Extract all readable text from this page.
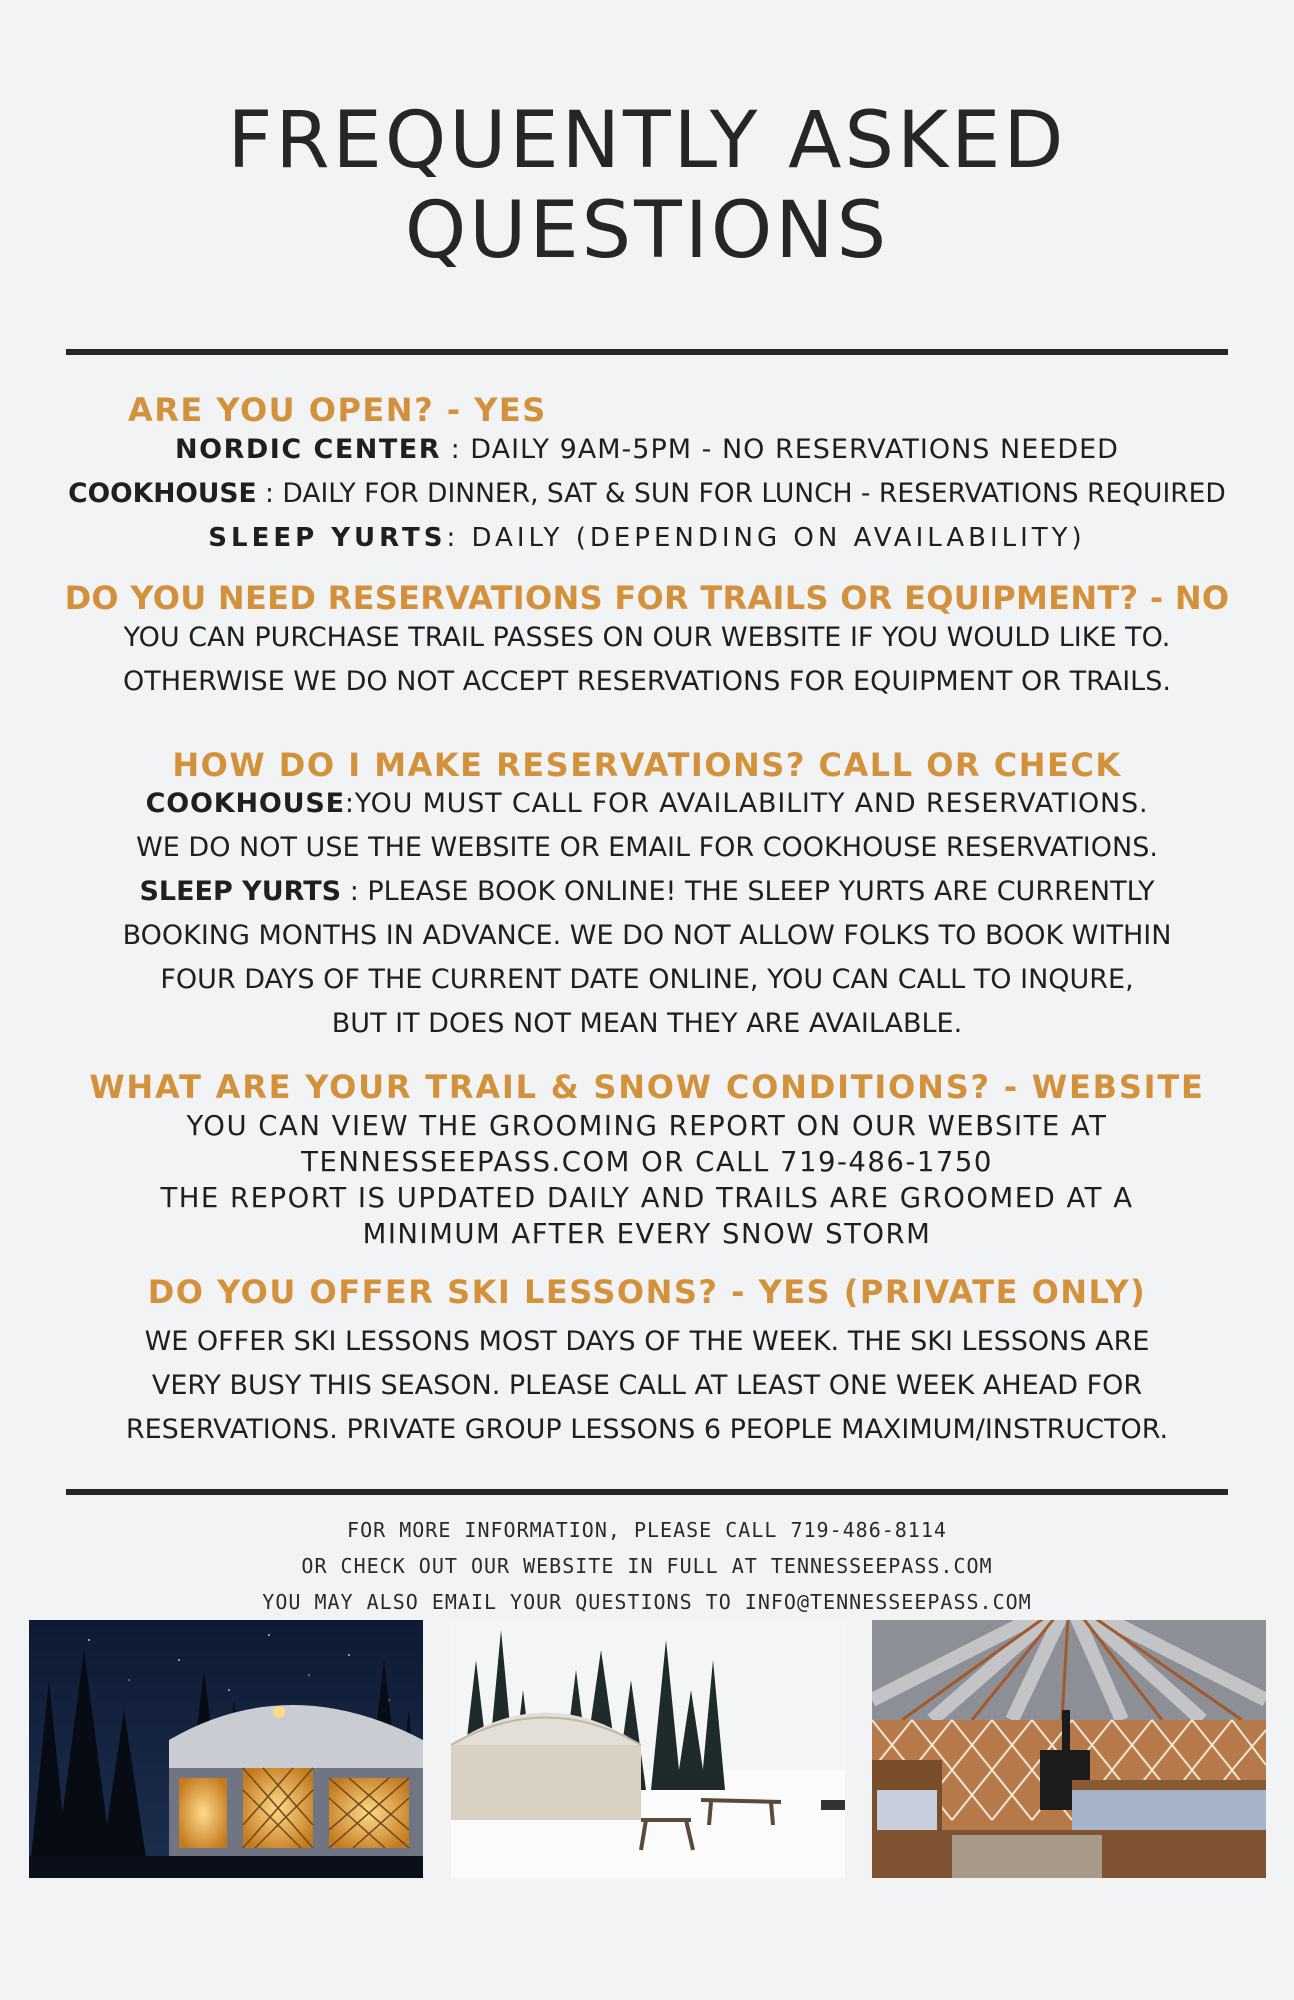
FREQUENTLY ASKED
QUESTIONS
ARE YOU OPEN? - YES
NORDIC CENTER : DAILY 9AM-5PM - NO RESERVATIONS NEEDED
COOKHOUSE : DAILY FOR DINNER, SAT & SUN FOR LUNCH - RESERVATIONS REQUIRED
SLEEP YURTS: DAILY (DEPENDING ON AVAILABILITY)
DO YOU NEED RESERVATIONS FOR TRAILS OR EQUIPMENT? - NO
YOU CAN PURCHASE TRAIL PASSES ON OUR WEBSITE IF YOU WOULD LIKE TO.
OTHERWISE WE DO NOT ACCEPT RESERVATIONS FOR EQUIPMENT OR TRAILS.
HOW DO I MAKE RESERVATIONS? CALL OR CHECK
COOKHOUSE:YOU MUST CALL FOR AVAILABILITY AND RESERVATIONS.
WE DO NOT USE THE WEBSITE OR EMAIL FOR COOKHOUSE RESERVATIONS.
SLEEP YURTS : PLEASE BOOK ONLINE! THE SLEEP YURTS ARE CURRENTLY
BOOKING MONTHS IN ADVANCE. WE DO NOT ALLOW FOLKS TO BOOK WITHIN
FOUR DAYS OF THE CURRENT DATE ONLINE, YOU CAN CALL TO INQURE,
BUT IT DOES NOT MEAN THEY ARE AVAILABLE.
WHAT ARE YOUR TRAIL & SNOW CONDITIONS? - WEBSITE
YOU CAN VIEW THE GROOMING REPORT ON OUR WEBSITE AT
TENNESSEEPASS.COM OR CALL 719-486-1750
THE REPORT IS UPDATED DAILY AND TRAILS ARE GROOMED AT A
MINIMUM AFTER EVERY SNOW STORM
DO YOU OFFER SKI LESSONS? - YES (PRIVATE ONLY)
WE OFFER SKI LESSONS MOST DAYS OF THE WEEK. THE SKI LESSONS ARE
VERY BUSY THIS SEASON. PLEASE CALL AT LEAST ONE WEEK AHEAD FOR
RESERVATIONS. PRIVATE GROUP LESSONS 6 PEOPLE MAXIMUM/INSTRUCTOR.
FOR MORE INFORMATION, PLEASE CALL 719-486-8114
OR CHECK OUT OUR WEBSITE IN FULL AT TENNESSEEPASS.COM
YOU MAY ALSO EMAIL YOUR QUESTIONS TO INFO@TENNESSEEPASS.COM
